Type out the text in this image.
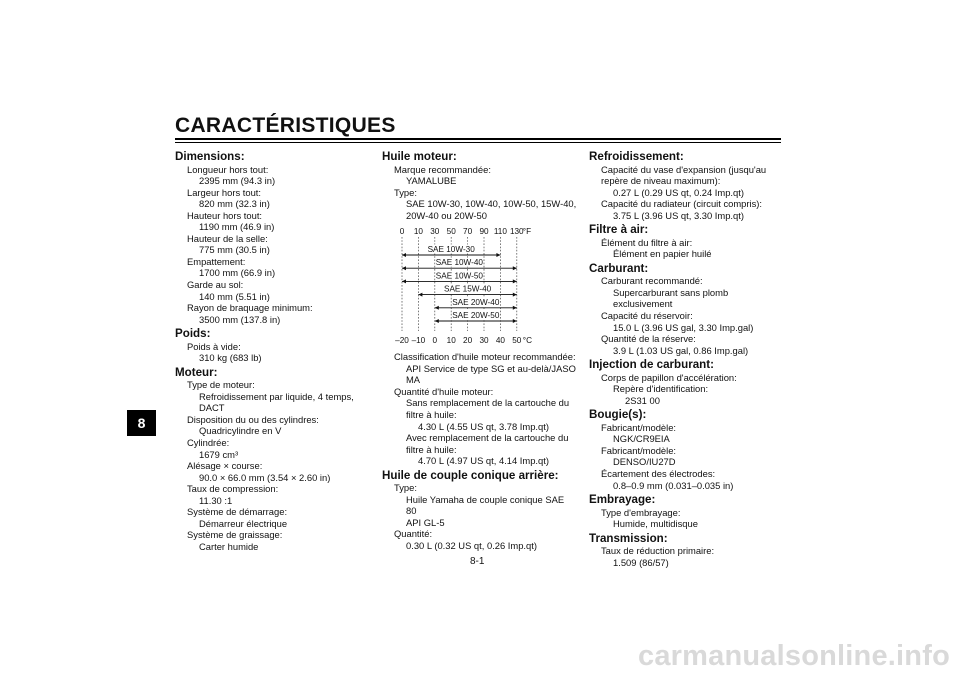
CARACTÉRISTIQUES
8
Dimensions:
Longueur hors tout:
2395 mm (94.3 in)
Largeur hors tout:
820 mm (32.3 in)
Hauteur hors tout:
1190 mm (46.9 in)
Hauteur de la selle:
775 mm (30.5 in)
Empattement:
1700 mm (66.9 in)
Garde au sol:
140 mm (5.51 in)
Rayon de braquage minimum:
3500 mm (137.8 in)
Poids:
Poids à vide:
310 kg (683 lb)
Moteur:
Type de moteur:
Refroidissement par liquide, 4 temps,
DACT
Disposition du ou des cylindres:
Quadricylindre en V
Cylindrée:
1679 cm³
Alésage × course:
90.0 × 66.0 mm (3.54 × 2.60 in)
Taux de compression:
11.30 :1
Système de démarrage:
Démarreur électrique
Système de graissage:
Carter humide
Huile moteur:
Marque recommandée:
YAMALUBE
Type:
SAE 10W-30, 10W-40, 10W-50, 15W-40,
20W-40 ou 20W-50
0 10 30 50 70 90 110 130 °F
SAE 10W-30
SAE 10W-40
SAE 10W-50
SAE 15W-40
SAE 20W-40
SAE 20W-50
–20 –10 0 10 20 30 40 50 °C
Classification d'huile moteur recommandée:
API Service de type SG et au-delà/JASO
MA
Quantité d'huile moteur:
Sans remplacement de la cartouche du
filtre à huile:
4.30 L (4.55 US qt, 3.78 Imp.qt)
Avec remplacement de la cartouche du
filtre à huile:
4.70 L (4.97 US qt, 4.14 Imp.qt)
Huile de couple conique arrière:
Type:
Huile Yamaha de couple conique SAE 80
API GL-5
Quantité:
0.30 L (0.32 US qt, 0.26 Imp.qt)
Refroidissement:
Capacité du vase d'expansion (jusqu'au
repère de niveau maximum):
0.27 L (0.29 US qt, 0.24 Imp.qt)
Capacité du radiateur (circuit compris):
3.75 L (3.96 US qt, 3.30 Imp.qt)
Filtre à air:
Élément du filtre à air:
Élément en papier huilé
Carburant:
Carburant recommandé:
Supercarburant sans plomb exclusivement
Capacité du réservoir:
15.0 L (3.96 US gal, 3.30 Imp.gal)
Quantité de la réserve:
3.9 L (1.03 US gal, 0.86 Imp.gal)
Injection de carburant:
Corps de papillon d'accélération:
Repère d'identification:
2S31 00
Bougie(s):
Fabricant/modèle:
NGK/CR9EIA
Fabricant/modèle:
DENSO/IU27D
Écartement des électrodes:
0.8–0.9 mm (0.031–0.035 in)
Embrayage:
Type d'embrayage:
Humide, multidisque
Transmission:
Taux de réduction primaire:
1.509 (86/57)
8-1
carmanualsonline.info
